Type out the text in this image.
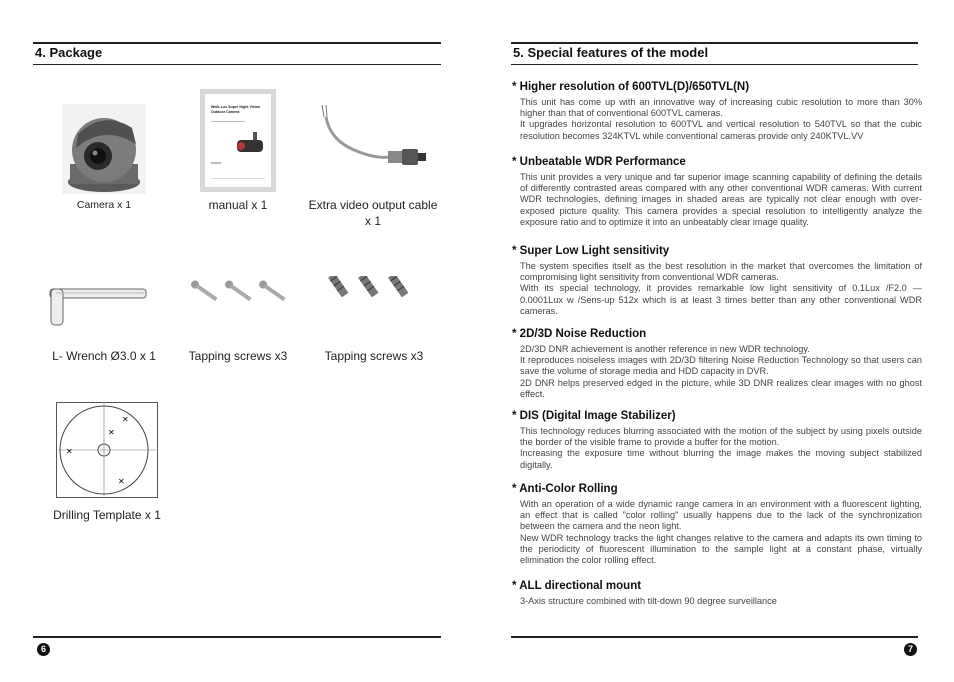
4. Package
Camera x 1
Wide-Lux Super Night Vision
Outdoor Camera
manual x 1	Extra video output cable x 1
L- Wrench Ø3.0 x 1	Tapping screws x3	Tapping screws x3
✕
✕
✕
✕
Drilling Template x 1
6
5. Special features of the model
* Higher resolution of 600TVL(D)/650TVL(N)

This unit has come up with an innovative way of increasing cubic resolution to more than 30% higher than that of conventional 600TVL cameras.

It upgrades horizontal resolution to 600TVL and vertical resolution to 540TVL so that the cubic resolution becomes 324KTVL while conventional cameras provide only 240KTVL.VV

* Unbeatable WDR Performance

This unit provides a very unique and far superior image scanning capability of defining the details of differently contrasted areas compared with any other conventional WDR cameras. With current WDR technologies, defining images in shaded areas are typically not clear enough with over-exposed picture quality. This camera provides a special resolution to intelligently analyze the exposure ratio and to optimize it into an unbeatably clear image quality.

* Super Low Light sensitivity

The system specifies itself as the best resolution in the market that overcomes the limitation of compromising light sensitivity from conventional WDR cameras.

With its special technology, it provides remarkable low light sensitivity of 0.1Lux /F2.0 — 0.0001Lux w /Sens-up 512x which is at least 3 times better than any other conventional WDR cameras.

* 2D/3D Noise Reduction

2D/3D DNR achievement is another reference in new WDR technology.

It reproduces noiseless images with 2D/3D filtering Noise Reduction Technology so that users can save the volume of storage media and HDD capacity in DVR.

2D DNR helps preserved edged in the picture, while 3D DNR realizes clear images with no ghost effect.

* DIS (Digital Image Stabilizer)

This technology reduces blurring associated with the motion of the subject by using pixels outside the border of the visible frame to provide a buffer for the motion.

Increasing the exposure time without blurring the image makes the moving subject stabilized digitally.

* Anti-Color Rolling

With an operation of a wide dynamic range camera in an environment with a fluorescent lighting, an effect that is called "color rolling" usually happens due to the lack of the synchronization between the camera and the neon light.

New WDR technology tracks the light changes relative to the camera and adapts its own timing to the periodicity of fluorescent illumination to the sample light at a constant phase, virtually elimination the color rolling effect.

* ALL directional mount

3-Axis structure combined with tilt-down 90 degree surveillance

7
